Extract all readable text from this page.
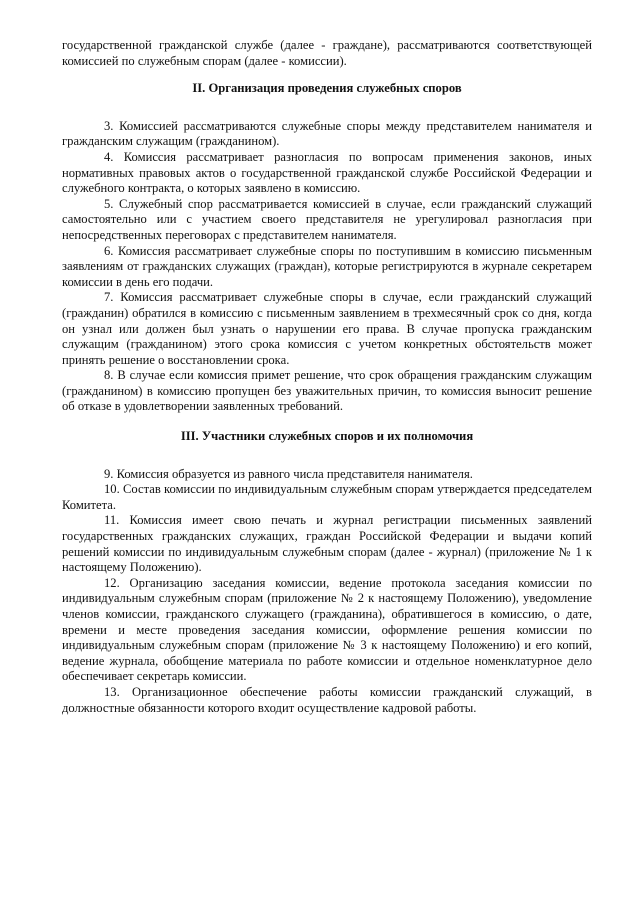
государственной гражданской службе (далее - граждане), рассматриваются соответствующей комиссией по служебным спорам (далее - комиссии).

II. Организация проведения служебных споров

3. Комиссией рассматриваются служебные споры между представителем нанимателя и гражданским служащим (гражданином).

4. Комиссия рассматривает разногласия по вопросам применения законов, иных нормативных правовых актов о государственной гражданской службе Российской Федерации и служебного контракта, о которых заявлено в комиссию.

5. Служебный спор рассматривается комиссией в случае, если гражданский служащий самостоятельно или с участием своего представителя не урегулировал разногласия при непосредственных переговорах с представителем нанимателя.

6. Комиссия рассматривает служебные споры по поступившим в комиссию письменным заявлениям от гражданских служащих (граждан), которые регистрируются в журнале секретарем комиссии в день его подачи.

7. Комиссия рассматривает служебные споры в случае, если гражданский служащий (гражданин) обратился в комиссию с письменным заявлением в трехмесячный срок со дня, когда он узнал или должен был узнать о нарушении его права. В случае пропуска гражданским служащим (гражданином) этого срока комиссия с учетом конкретных обстоятельств может принять решение о восстановлении срока.

8. В случае если комиссия примет решение, что срок обращения гражданским служащим (гражданином) в комиссию пропущен без уважительных причин, то комиссия выносит решение об отказе в удовлетворении заявленных требований.

III. Участники служебных споров и их полномочия

9. Комиссия образуется из равного числа представителя нанимателя.

10. Состав комиссии по индивидуальным служебным спорам утверждается председателем Комитета.

11. Комиссия имеет свою печать и журнал регистрации письменных заявлений государственных гражданских служащих, граждан Российской Федерации и выдачи копий решений комиссии по индивидуальным служебным спорам (далее - журнал) (приложение № 1 к настоящему Положению).

12. Организацию заседания комиссии, ведение протокола заседания комиссии по индивидуальным служебным спорам (приложение № 2 к настоящему Положению), уведомление членов комиссии, гражданского служащего (гражданина), обратившегося в комиссию, о дате, времени и месте проведения заседания комиссии, оформление решения комиссии по индивидуальным служебным спорам (приложение № 3 к настоящему Положению) и его копий, ведение журнала, обобщение материала по работе комиссии и отдельное номенклатурное дело обеспечивает секретарь комиссии.

13. Организационное обеспечение работы комиссии гражданский служащий, в должностные обязанности которого входит осуществление кадровой работы.
